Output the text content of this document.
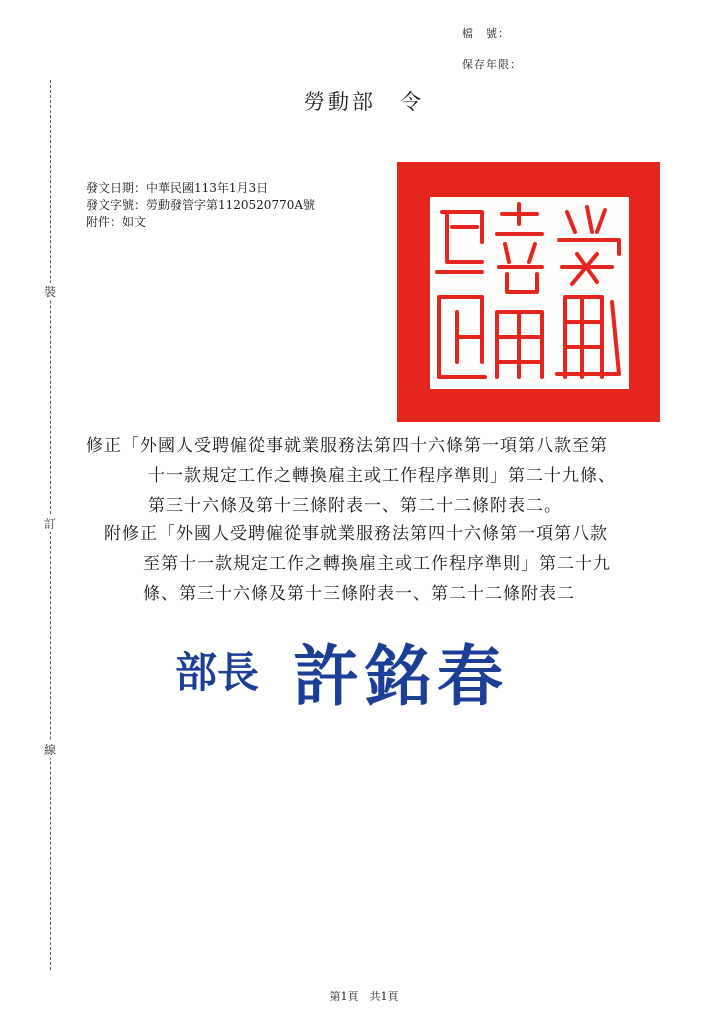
檔　號：
保存年限：
勞動部　令
裝
訂
線
發文日期：中華民國113年1月3日
發文字號：勞動發管字第1120520770A號
附件：如文
修正「外國人受聘僱從事就業服務法第四十六條第一項第八款至第
十一款規定工作之轉換雇主或工作程序準則」第二十九條、
第三十六條及第十三條附表一、第二十二條附表二。
附修正「外國人受聘僱從事就業服務法第四十六條第一項第八款
至第十一款規定工作之轉換雇主或工作程序準則」第二十九
條、第三十六條及第十三條附表一、第二十二條附表二
部長 許銘春
第1頁　共1頁
